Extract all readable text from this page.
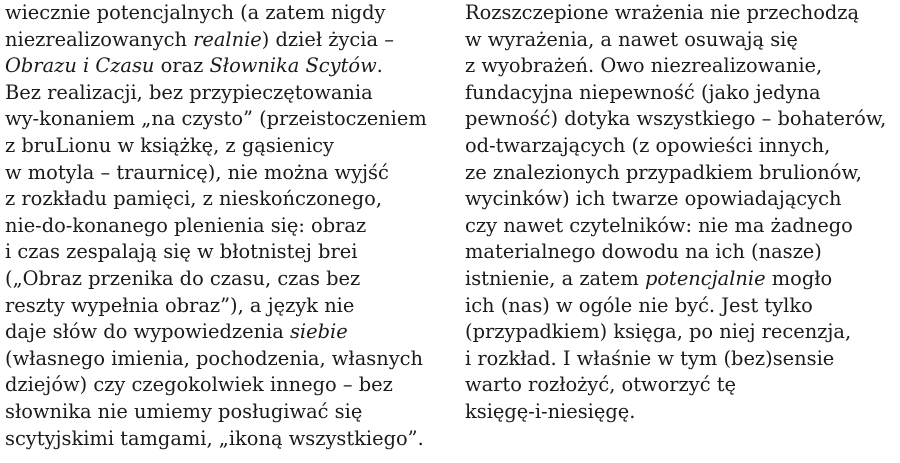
wiecznie potencjalnych (a zatem nigdy
niezrealizowanych realnie) dzieł życia –
Obrazu i Czasu oraz Słownika Scytów.
Bez realizacji, bez przypieczętowania
wy-konaniem „na czysto” (przeistoczeniem
z bruLionu w książkę, z gąsienicy
w motyla – traurnicę), nie można wyjść
z rozkładu pamięci, z nieskończonego,
nie-do-konanego plenienia się: obraz
i czas zespalają się w błotnistej brei
(„Obraz przenika do czasu, czas bez
reszty wypełnia obraz”), a język nie
daje słów do wypowiedzenia siebie
(własnego imienia, pochodzenia, własnych
dziejów) czy czegokolwiek innego – bez
słownika nie umiemy posługiwać się
scytyjskimi tamgami, „ikoną wszystkiego”.
Rozszczepione wrażenia nie przechodzą
w wyrażenia, a nawet osuwają się
z wyobrażeń. Owo niezrealizowanie,
fundacyjna niepewność (jako jedyna
pewność) dotyka wszystkiego – bohaterów,
od-twarzających (z opowieści innych,
ze znalezionych przypadkiem brulionów,
wycinków) ich twarze opowiadających
czy nawet czytelników: nie ma żadnego
materialnego dowodu na ich (nasze)
istnienie, a zatem potencjalnie mogło
ich (nas) w ogóle nie być. Jest tylko
(przypadkiem) księga, po niej recenzja,
i rozkład. I właśnie w tym (bez)sensie
warto rozłożyć, otworzyć tę
księgę-i-niesięgę.
